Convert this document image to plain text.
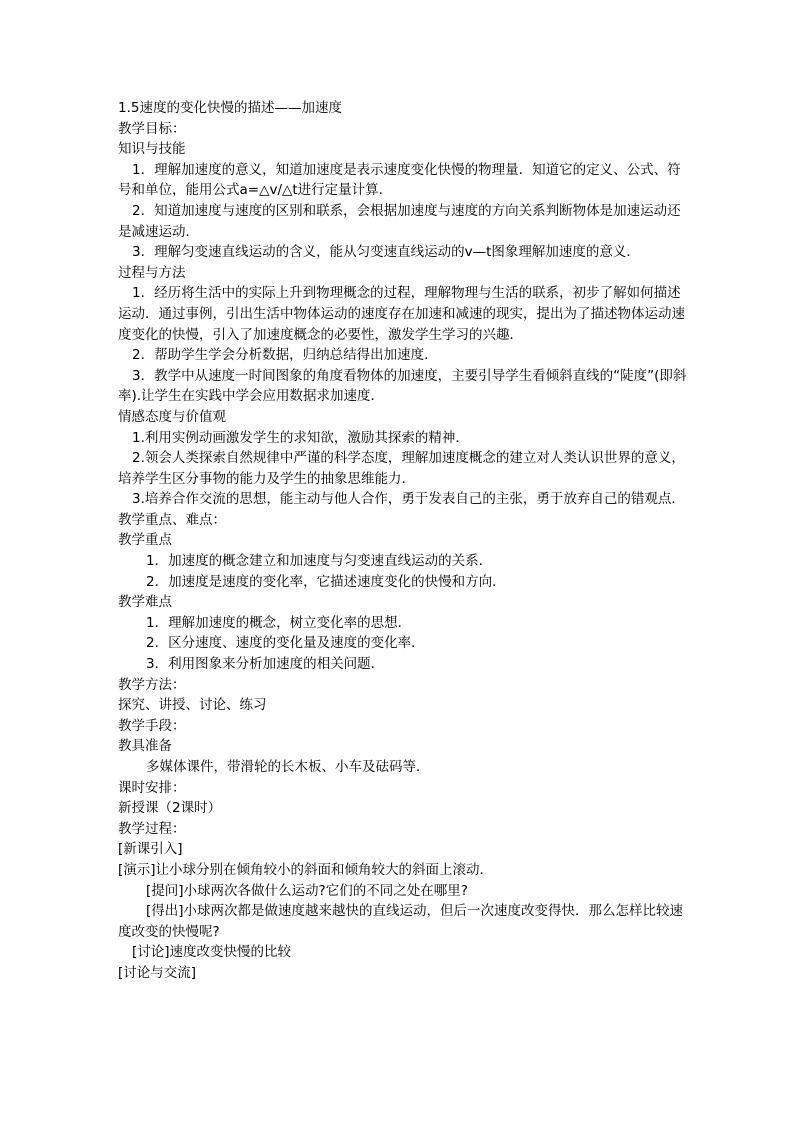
1.5速度的变化快慢的描述——加速度
教学目标：
知识与技能
1．理解加速度的意义，知道加速度是表示速度变化快慢的物理量．知道它的定义、公式、符号和单位，能用公式a=△v/△t进行定量计算．
2．知道加速度与速度的区别和联系，会根据加速度与速度的方向关系判断物体是加速运动还是减速运动．
3．理解匀变速直线运动的含义，能从匀变速直线运动的v—t图象理解加速度的意义．
过程与方法
1．经历将生活中的实际上升到物理概念的过程，理解物理与生活的联系，初步了解如何描述运动．通过事例，引出生活中物体运动的速度存在加速和减速的现实，提出为了描述物体运动速度变化的快慢，引入了加速度概念的必要性，激发学生学习的兴趣．
2．帮助学生学会分析数据，归纳总结得出加速度．
3．教学中从速度一时间图象的角度看物体的加速度，主要引导学生看倾斜直线的“陡度”(即斜率).让学生在实践中学会应用数据求加速度．
情感态度与价值观
1.利用实例动画激发学生的求知欲，激励其探索的精神．
2.领会人类探索自然规律中严谨的科学态度，理解加速度概念的建立对人类认识世界的意义，培养学生区分事物的能力及学生的抽象思维能力．
3.培养合作交流的思想，能主动与他人合作，勇于发表自己的主张，勇于放弃自己的错观点．
教学重点、难点：
教学重点
1．加速度的概念建立和加速度与匀变速直线运动的关系．
2．加速度是速度的变化率，它描述速度变化的快慢和方向．
教学难点
1．理解加速度的概念，树立变化率的思想．
2．区分速度、速度的变化量及速度的变化率．
3．利用图象来分析加速度的相关问题．
教学方法：
探究、讲授、讨论、练习
教学手段：
教具准备
多媒体课件，带滑轮的长木板、小车及砝码等．
课时安排：
新授课（2课时）
教学过程：
[新课引入]
[演示]让小球分别在倾角较小的斜面和倾角较大的斜面上滚动．
[提问]小球两次各做什么运动?它们的不同之处在哪里?
[得出]小球两次都是做速度越来越快的直线运动，但后一次速度改变得快．那么怎样比较速度改变的快慢呢?
[讨论]速度改变快慢的比较
[讨论与交流]
